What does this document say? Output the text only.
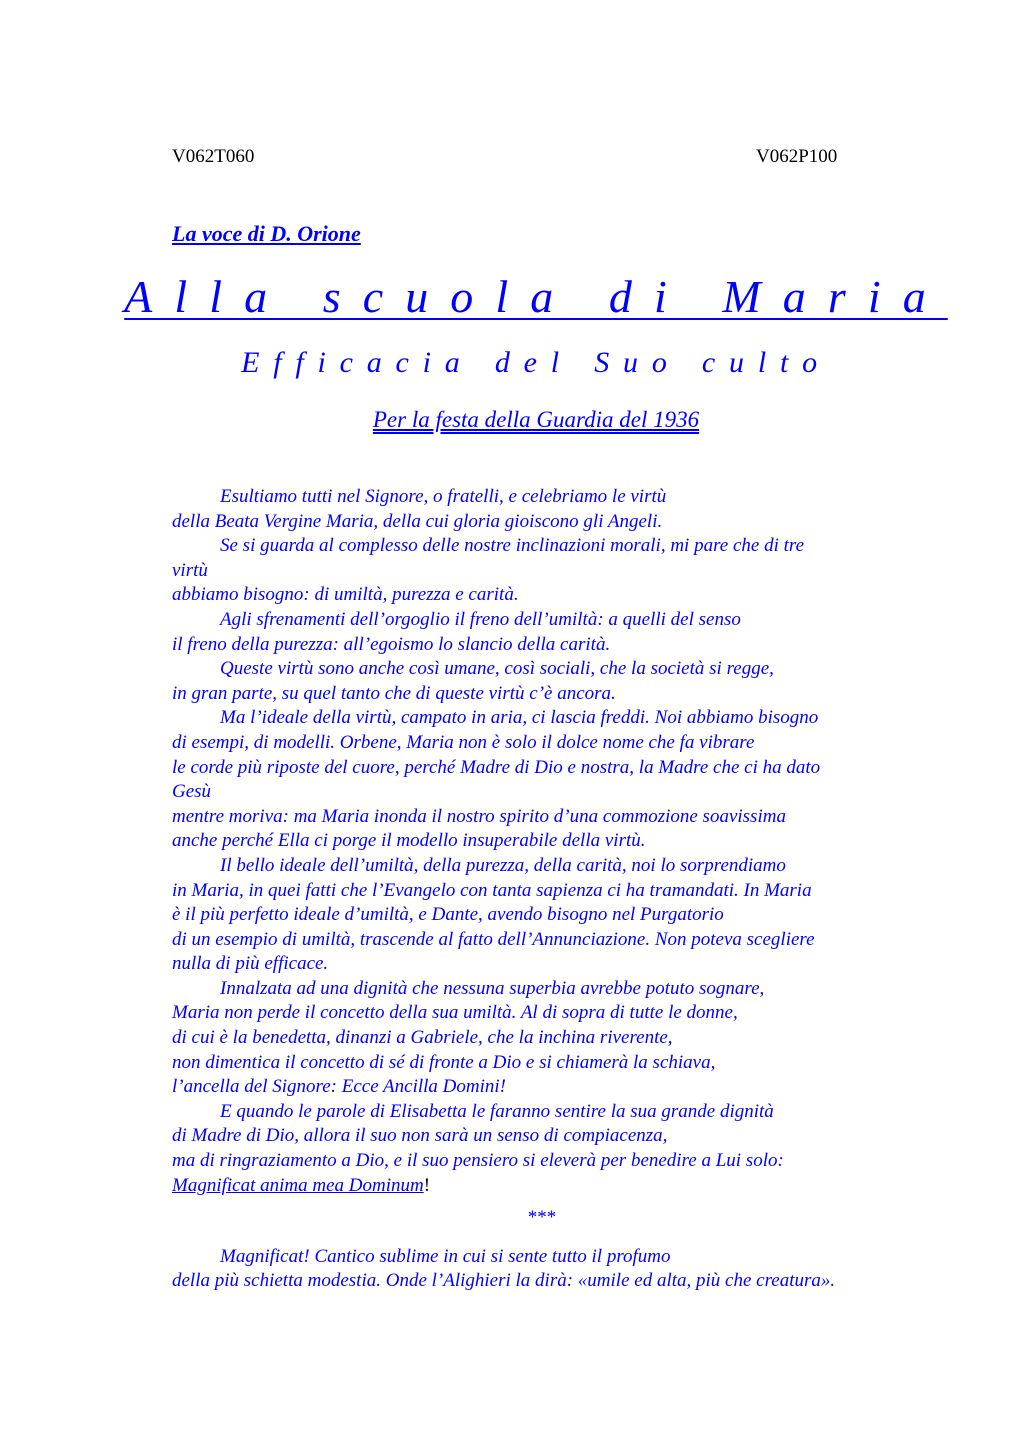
V062T060	V062P100
La voce di D. Orione
Alla scuola di Maria
Efficacia del Suo culto
Per la festa della Guardia del 1936
Esultiamo tutti nel Signore, o fratelli, e celebriamo le virtù
della Beata Vergine Maria, della cui gloria gioiscono gli Angeli.
Se si guarda al complesso delle nostre inclinazioni morali, mi pare che di tre
virtù
abbiamo bisogno: di umiltà, purezza e carità.
Agli sfrenamenti dell’orgoglio il freno dell’umiltà: a quelli del senso
il freno della purezza: all’egoismo lo slancio della carità.
Queste virtù sono anche così umane, così sociali, che la società si regge,
in gran parte, su quel tanto che di queste virtù c’è ancora.
Ma l’ideale della virtù, campato in aria, ci lascia freddi. Noi abbiamo bisogno
di esempi, di modelli. Orbene, Maria non è solo il dolce nome che fa vibrare
le corde più riposte del cuore, perché Madre di Dio e nostra, la Madre che ci ha dato
Gesù
mentre moriva: ma Maria inonda il nostro spirito d’una commozione soavissima
anche perché Ella ci porge il modello insuperabile della virtù.
Il bello ideale dell’umiltà, della purezza, della carità, noi lo sorprendiamo
in Maria, in quei fatti che l’Evangelo con tanta sapienza ci ha tramandati. In Maria
è il più perfetto ideale d’umiltà, e Dante, avendo bisogno nel Purgatorio
di un esempio di umiltà, trascende al fatto dell’Annunciazione. Non poteva scegliere
nulla di più efficace.
Innalzata ad una dignità che nessuna superbia avrebbe potuto sognare,
Maria non perde il concetto della sua umiltà. Al di sopra di tutte le donne,
di cui è la benedetta, dinanzi a Gabriele, che la inchina riverente,
non dimentica il concetto di sé di fronte a Dio e si chiamerà la schiava,
l’ancella del Signore: Ecce Ancilla Domini!
E quando le parole di Elisabetta le faranno sentire la sua grande dignità
di Madre di Dio, allora il suo non sarà un senso di compiacenza,
ma di ringraziamento a Dio, e il suo pensiero si eleverà per benedire a Lui solo:
Magnificat anima mea Dominum!
***
Magnificat! Cantico sublime in cui si sente tutto il profumo
della più schietta modestia. Onde l’Alighieri la dirà: «umile ed alta, più che creatura».
